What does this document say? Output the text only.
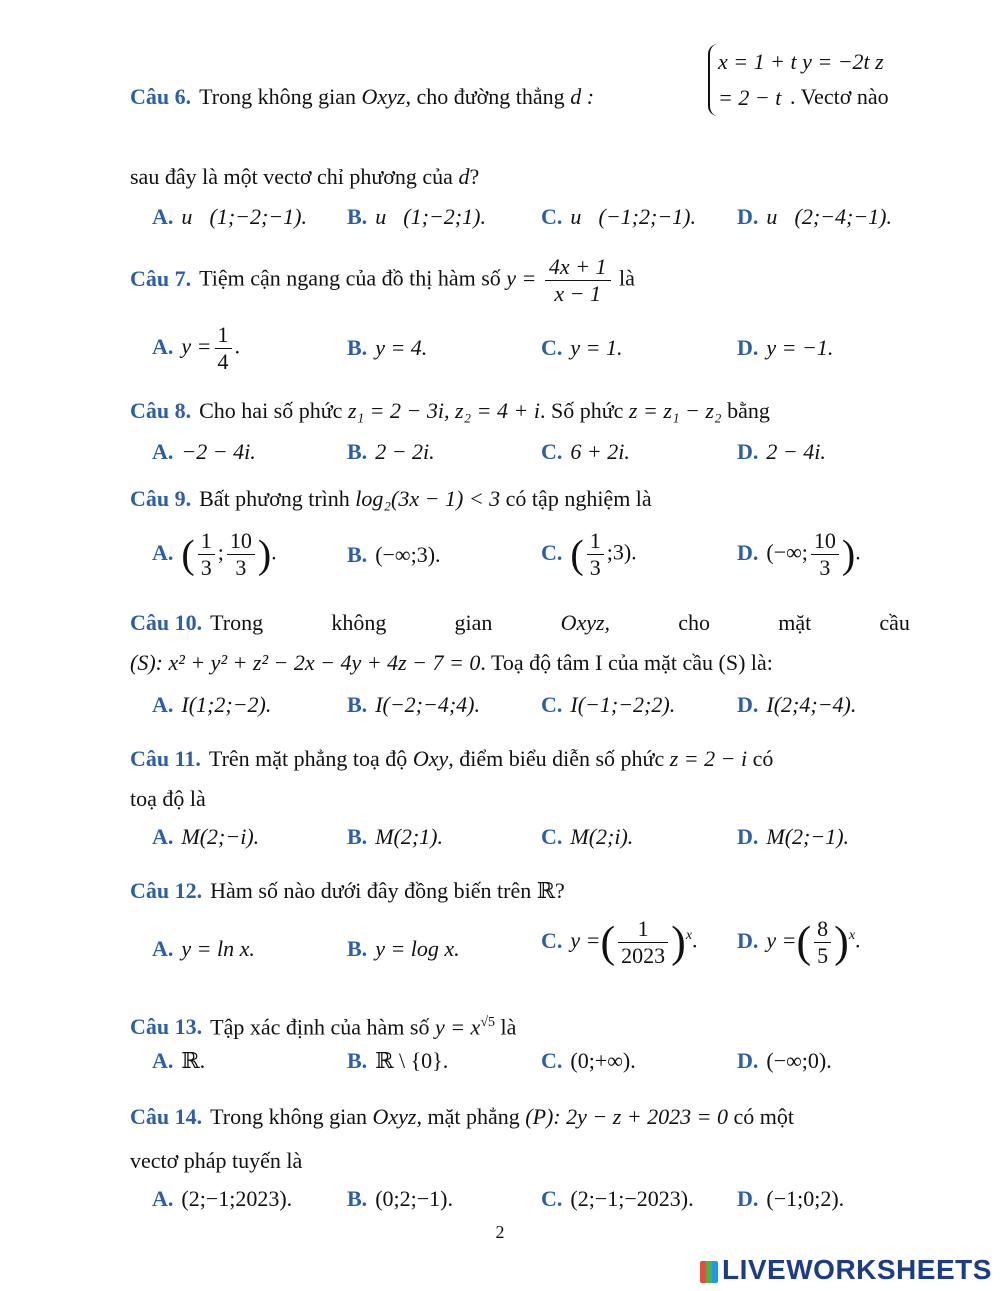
Câu 6. Trong không gian Oxyz, cho đường thẳng d :
x = 1 + t y = −2t z = 2 − t . Vectơ nào
sau đây là một vectơ chỉ phương của d?
A. u⃗(1;−2;−1). B. u⃗(1;−2;1).	C. u⃗(−1;2;−1). D. u⃗(2;−4;−1).
Câu 7. Tiệm cận ngang của đồ thị hàm số $y = \frac{4x + 1}{x - 1}$ là
A. $y = \frac{1}{4}$ .	B. y = 4.	C. y = 1.	D. y = −1.
Câu 8. Cho hai số phức z₁ = 2 − 3i, z₂ = 4 + i. Số phức z = z₁ − z₂ bằng
A. −2 − 4i.	B. 2 − 2i.	C. 6 + 2i.	D. 2 − 4i.
Câu 9. Bất phương trình log₂(3x − 1) < 3 có tập nghiệm là
A. ( $\frac{1}{3}$ ; $\frac{10}{3}$ ).	B. (−∞;3).	C. ( $\frac{1}{3}$ ;3).	D. (−∞; $\frac{10}{3}$ ).
Câu 10. Trong	không	gian	Oxyz,	cho	mặt	cầu
(S): x² + y² + z² − 2x − 4y + 4z − 7 = 0. Toạ độ tâm I của mặt cầu (S) là:
A. I(1;2;−2).	B. I(−2;−4;4).	C. I(−1;−2;2).	D. I(2;4;−4).
Câu 11. Trên mặt phẳng toạ độ Oxy, điểm biểu diễn số phức z = 2 − i có
toạ độ là
A. M(2;−i).	B. M(2;1).	C. M(2;i).	D. M(2;−1).
Câu 12. Hàm số nào dưới đây đồng biến trên ℝ?
A. y = ln x.	B. y = log x.	C. y =( $\frac{1}{2023} )^x$. D. y =( $\frac{8}{5} )^x$.
Câu 13. Tập xác định của hàm số $y = x^{√5}$ là
A. ℝ.	B. ℝ \ {0}.	C. (0;+∞).	D. (−∞;0).
Câu 14. Trong không gian Oxyz, mặt phẳng (P): 2y − z + 2023 = 0 có một
vectơ pháp tuyến là
A. (2;−1;2023). B. (0;2;−1).	C. (2;−1;−2023). D. (−1;0;2).
2
LIVEWORKSHEETS
